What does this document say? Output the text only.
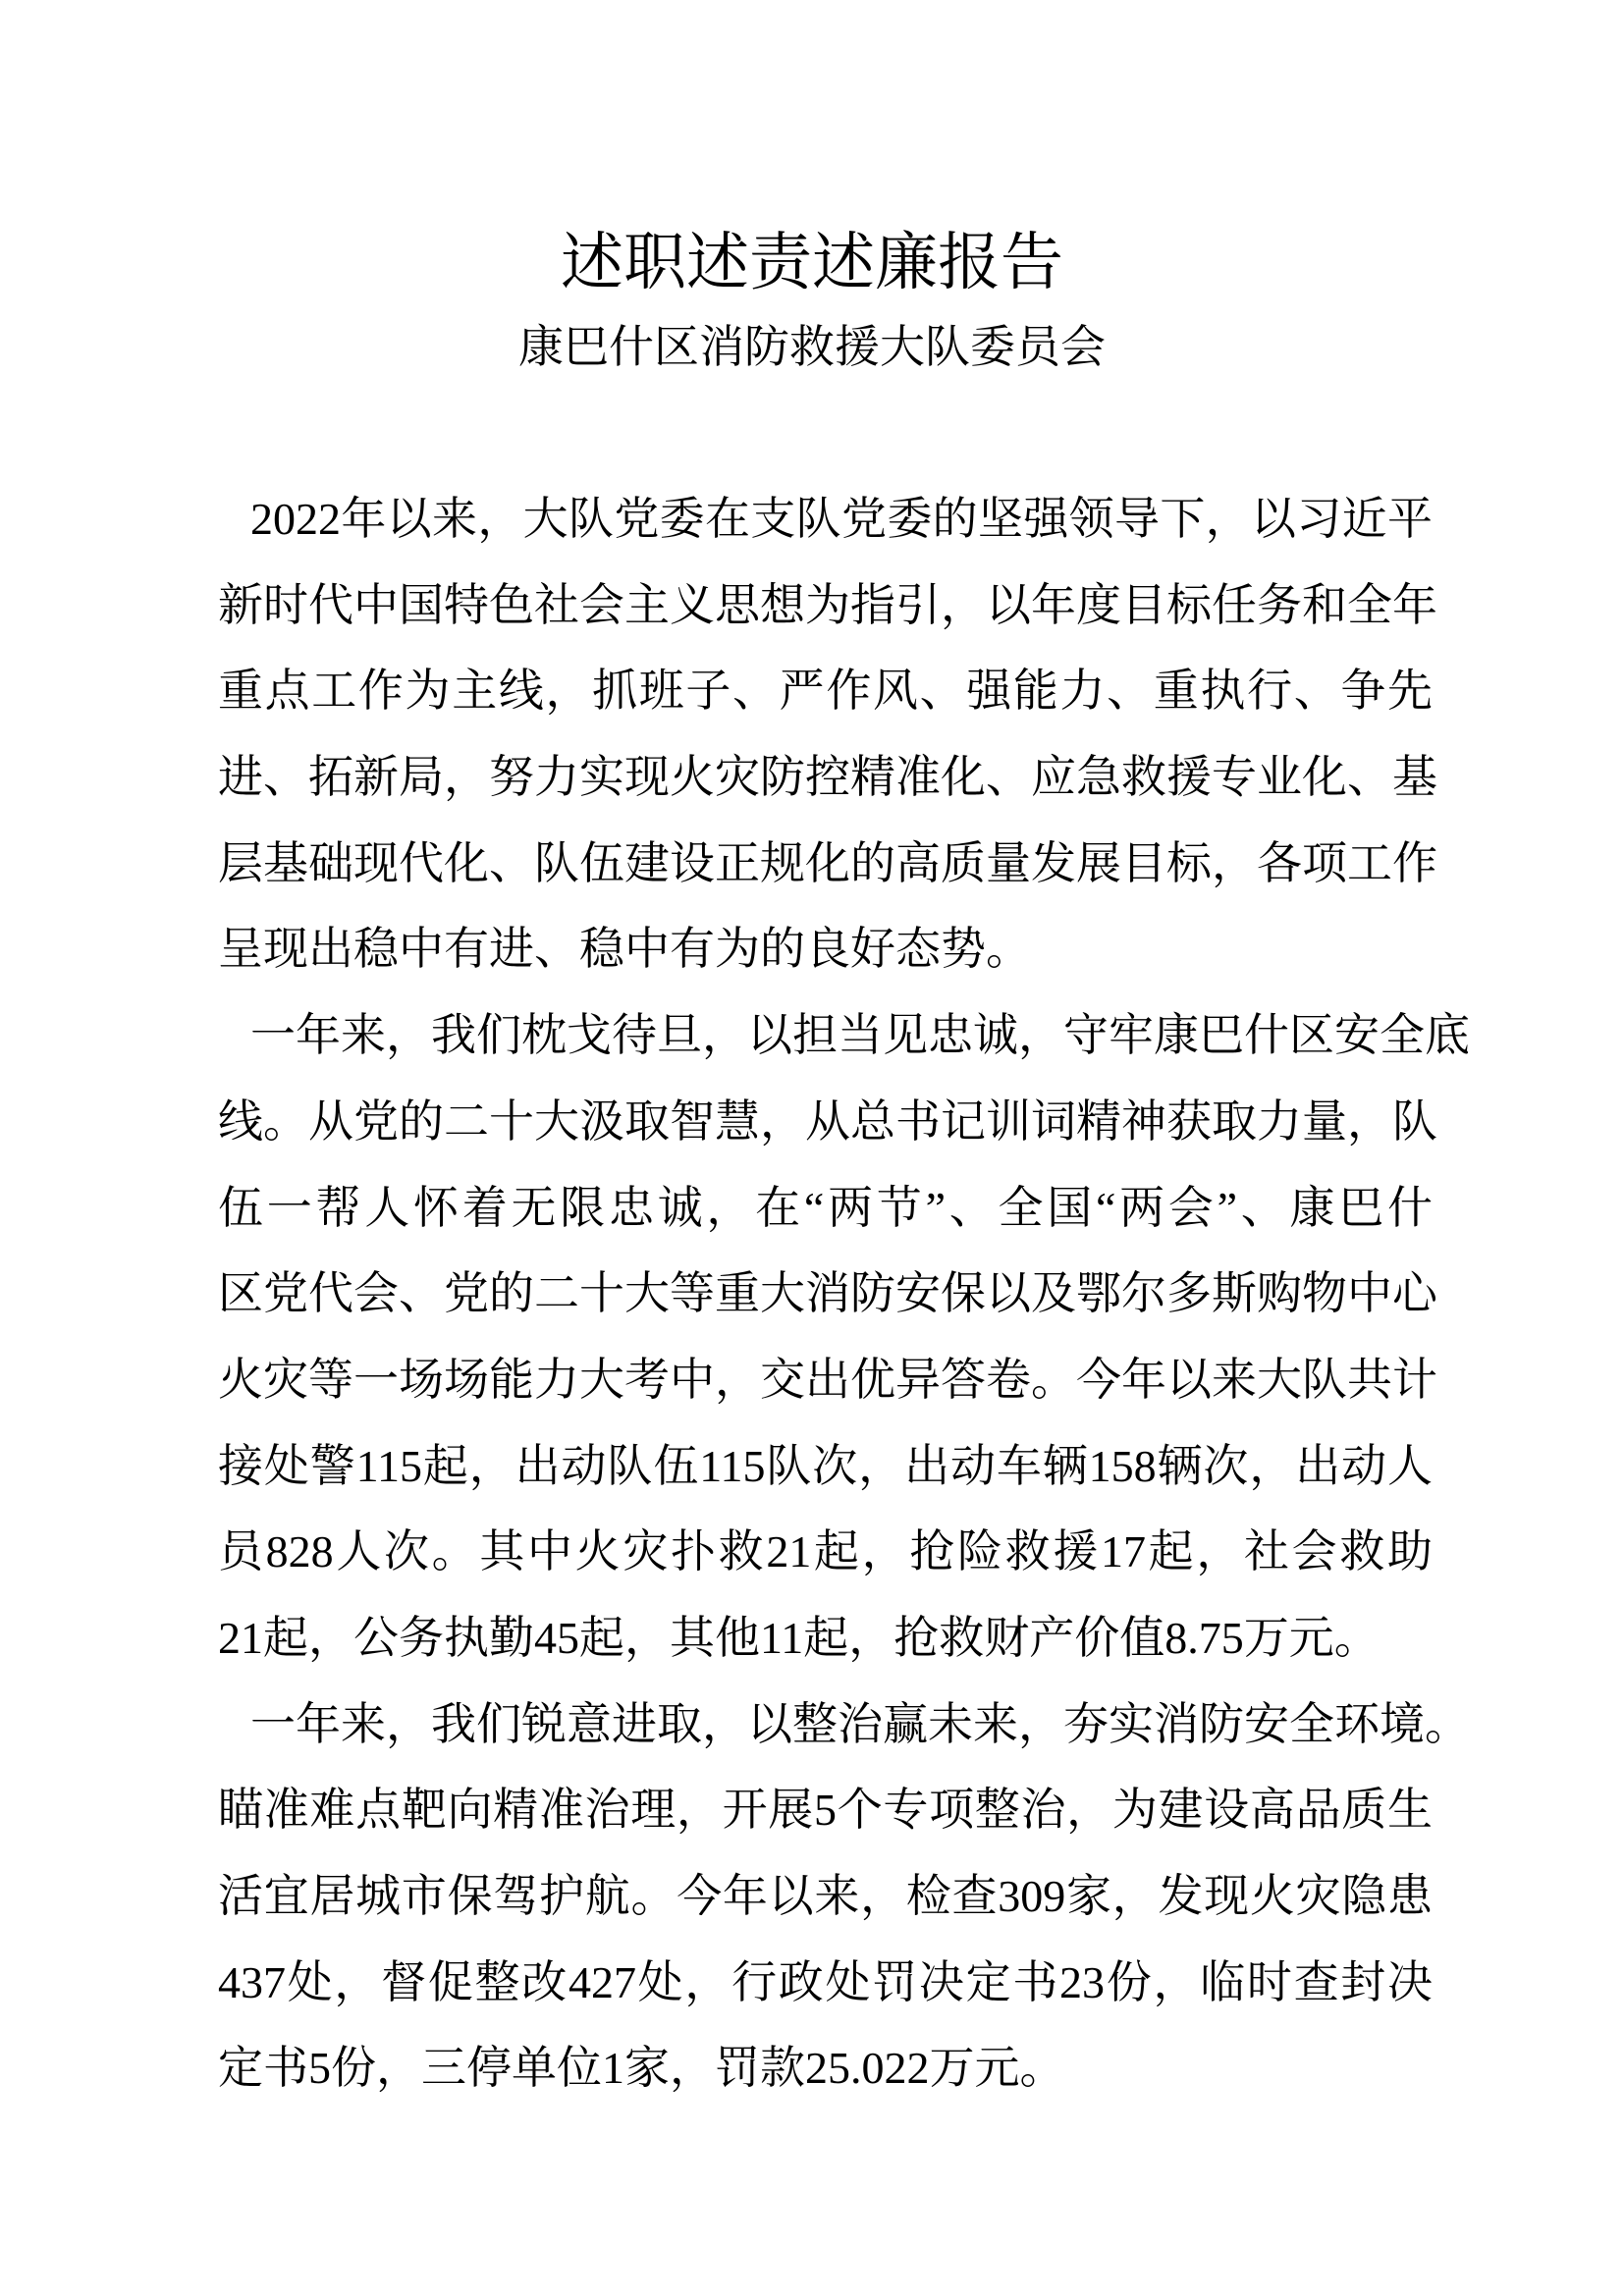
述职述责述廉报告
康巴什区消防救援大队委员会
2022年以来，大队党委在支队党委的坚强领导下，以习近平
新时代中国特色社会主义思想为指引，以年度目标任务和全年
重点工作为主线，抓班子、严作风、强能力、重执行、争先
进、拓新局，努力实现火灾防控精准化、应急救援专业化、基
层基础现代化、队伍建设正规化的高质量发展目标，各项工作
呈现出稳中有进、稳中有为的良好态势。
一年来，我们枕戈待旦，以担当见忠诚，守牢康巴什区安全底
线。从党的二十大汲取智慧，从总书记训词精神获取力量，队
伍一帮人怀着无限忠诚，在“两节”、全国“两会”、康巴什
区党代会、党的二十大等重大消防安保以及鄂尔多斯购物中心
火灾等一场场能力大考中，交出优异答卷。今年以来大队共计
接处警115起，出动队伍115队次，出动车辆158辆次，出动人
员828人次。其中火灾扑救21起，抢险救援17起，社会救助
21起，公务执勤45起，其他11起，抢救财产价值8.75万元。
一年来，我们锐意进取，以整治赢未来，夯实消防安全环境。
瞄准难点靶向精准治理，开展5个专项整治，为建设高品质生
活宜居城市保驾护航。今年以来，检查309家，发现火灾隐患
437处，督促整改427处，行政处罚决定书23份，临时查封决
定书5份，三停单位1家，罚款25.022万元。
